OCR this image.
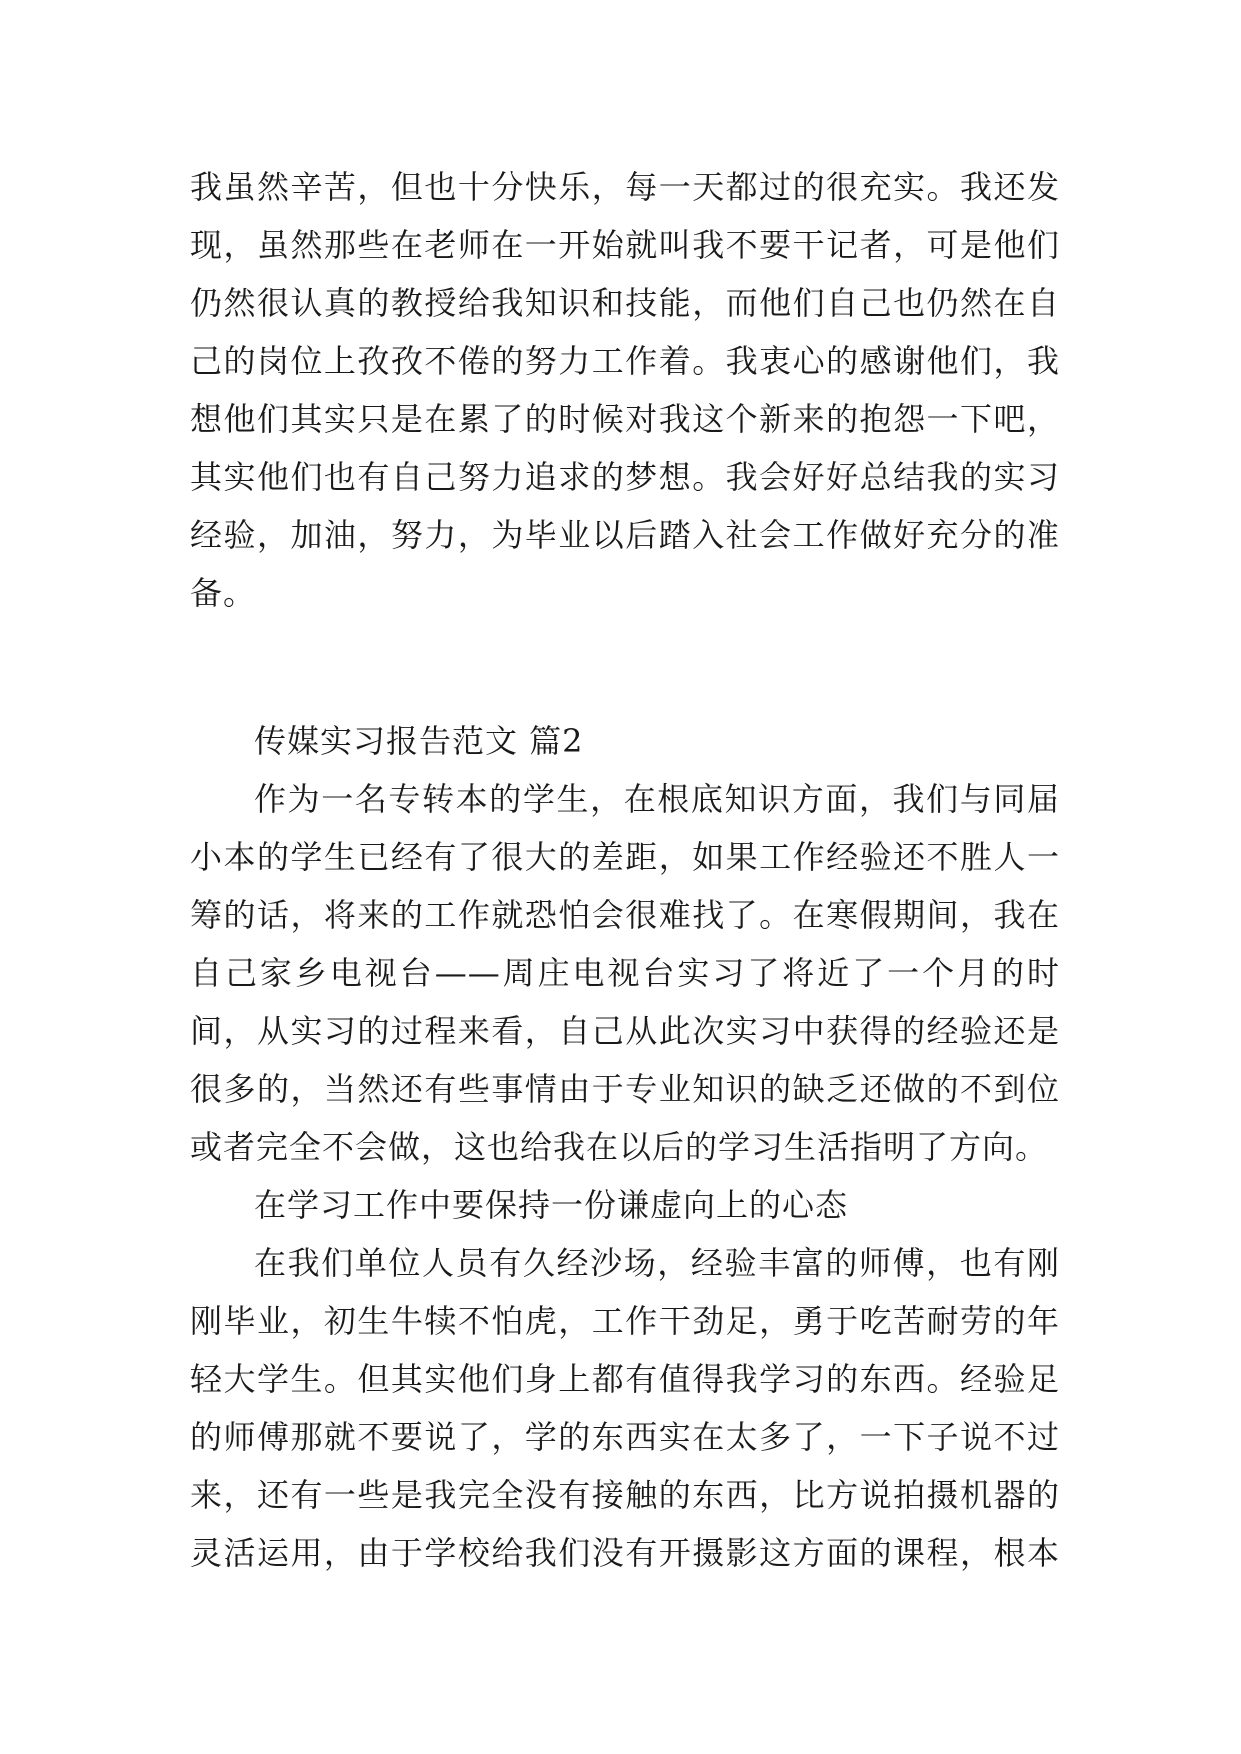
我虽然辛苦，但也十分快乐，每一天都过的很充实。我还发
现，虽然那些在老师在一开始就叫我不要干记者，可是他们
仍然很认真的教授给我知识和技能，而他们自己也仍然在自
己的岗位上孜孜不倦的努力工作着。我衷心的感谢他们，我
想他们其实只是在累了的时候对我这个新来的抱怨一下吧，
其实他们也有自己努力追求的梦想。我会好好总结我的实习
经验，加油，努力，为毕业以后踏入社会工作做好充分的准
备。
传媒实习报告范文 篇2
作为一名专转本的学生，在根底知识方面，我们与同届
小本的学生已经有了很大的差距，如果工作经验还不胜人一
筹的话，将来的工作就恐怕会很难找了。在寒假期间，我在
自己家乡电视台——周庄电视台实习了将近了一个月的时
间，从实习的过程来看，自己从此次实习中获得的经验还是
很多的，当然还有些事情由于专业知识的缺乏还做的不到位
或者完全不会做，这也给我在以后的学习生活指明了方向。
在学习工作中要保持一份谦虚向上的心态
在我们单位人员有久经沙场，经验丰富的师傅，也有刚
刚毕业，初生牛犊不怕虎，工作干劲足，勇于吃苦耐劳的年
轻大学生。但其实他们身上都有值得我学习的东西。经验足
的师傅那就不要说了，学的东西实在太多了，一下子说不过
来，还有一些是我完全没有接触的东西，比方说拍摄机器的
灵活运用，由于学校给我们没有开摄影这方面的课程，根本
